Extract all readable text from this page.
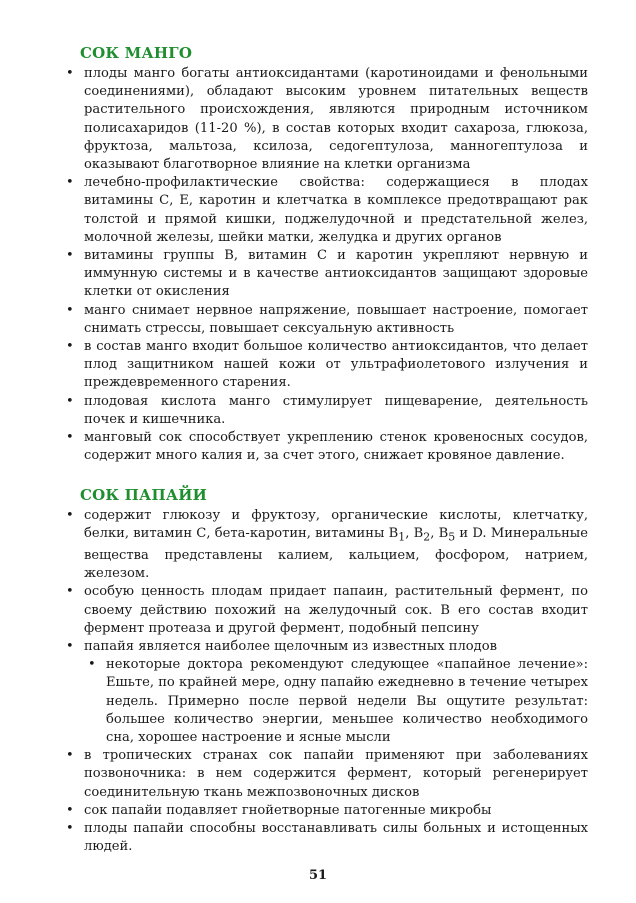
СОК МАНГО
• плоды манго богаты антиоксидантами (каротиноидами и фенольными соединениями), обладают высоким уровнем питательных веществ растительного происхождения, являются природным источником полисахаридов (11-20 %), в состав которых входит сахароза, глюкоза, фруктоза, мальтоза, ксилоза, седогептулоза, манногептулоза и оказывают благотворное влияние на клетки организма
• лечебно-профилактические свойства: содержащиеся в плодах витамины С, Е, каротин и клетчатка в комплексе предотвращают рак толстой и прямой кишки, поджелудочной и предстательной желез, молочной железы, шейки матки, желудка и других органов
• витамины группы В, витамин С и каротин укрепляют нервную и иммунную системы и в качестве антиоксидантов защищают здоровые клетки от окисления
• манго снимает нервное напряжение, повышает настроение, помогает снимать стрессы, повышает сексуальную активность
• в состав манго входит большое количество антиоксидантов, что делает плод защитником нашей кожи от ультрафиолетового излучения и преждевременного старения.
• плодовая кислота манго стимулирует пищеварение, деятельность почек и кишечника.
• манговый сок способствует укреплению стенок кровеносных сосудов, содержит много калия и, за счет этого, снижает кровяное давление.
СОК ПАПАЙИ
• содержит глюкозу и фруктозу, органические кислоты, клетчатку, белки, витамин С, бета-каротин, витамины $В_1$, $В_2$, $В_5$ и D. Минеральные вещества представлены калием, кальцием, фосфором, натрием, железом.
• особую ценность плодам придает папаин, растительный фермент, по своему действию похожий на желудочный сок. В его состав входит фермент протеаза и другой фермент, подобный пепсину
• папайя является наиболее щелочным из известных плодов
• некоторые доктора рекомендуют следующее «папайное лечение»: Ешьте, по крайней мере, одну папайю ежедневно в течение четырех недель. Примерно после первой недели Вы ощутите результат: большее количество энергии, меньшее количество необходимого сна, хорошее настроение и ясные мысли
• в тропических странах сок папайи применяют при заболеваниях позвоночника: в нем содержится фермент, который регенерирует соединительную ткань межпозвоночных дисков
• сок папайи подавляет гнойетворные патогенные микробы
• плоды папайи способны восстанавливать силы больных и истощенных людей.
51
